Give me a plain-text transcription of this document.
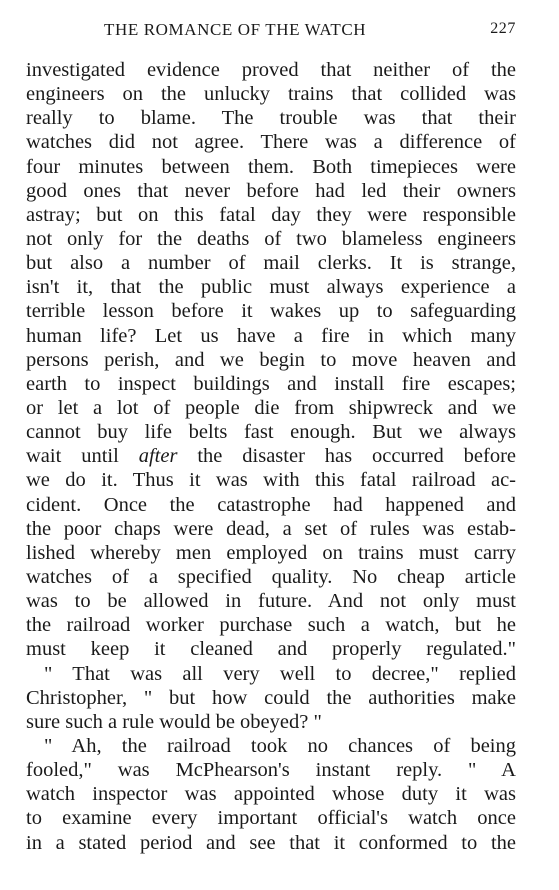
THE ROMANCE OF THE WATCH	227
investigated evidence proved that neither of the
engineers on the unlucky trains that collided was
really to blame. The trouble was that their
watches did not agree. There was a difference of
four minutes between them. Both timepieces were
good ones that never before had led their owners
astray; but on this fatal day they were responsible
not only for the deaths of two blameless engineers
but also a number of mail clerks. It is strange,
isn't it, that the public must always experience a
terrible lesson before it wakes up to safeguarding
human life? Let us have a fire in which many
persons perish, and we begin to move heaven and
earth to inspect buildings and install fire escapes;
or let a lot of people die from shipwreck and we
cannot buy life belts fast enough. But we always
wait until after the disaster has occurred before
we do it. Thus it was with this fatal railroad ac-
cident. Once the catastrophe had happened and
the poor chaps were dead, a set of rules was estab-
lished whereby men employed on trains must carry
watches of a specified quality. No cheap article
was to be allowed in future. And not only must
the railroad worker purchase such a watch, but he
must keep it cleaned and properly regulated."
" That was all very well to decree," replied
Christopher, " but how could the authorities make
sure such a rule would be obeyed? "
" Ah, the railroad took no chances of being
fooled," was McPhearson's instant reply. " A
watch inspector was appointed whose duty it was
to examine every important official's watch once
in a stated period and see that it conformed to the
